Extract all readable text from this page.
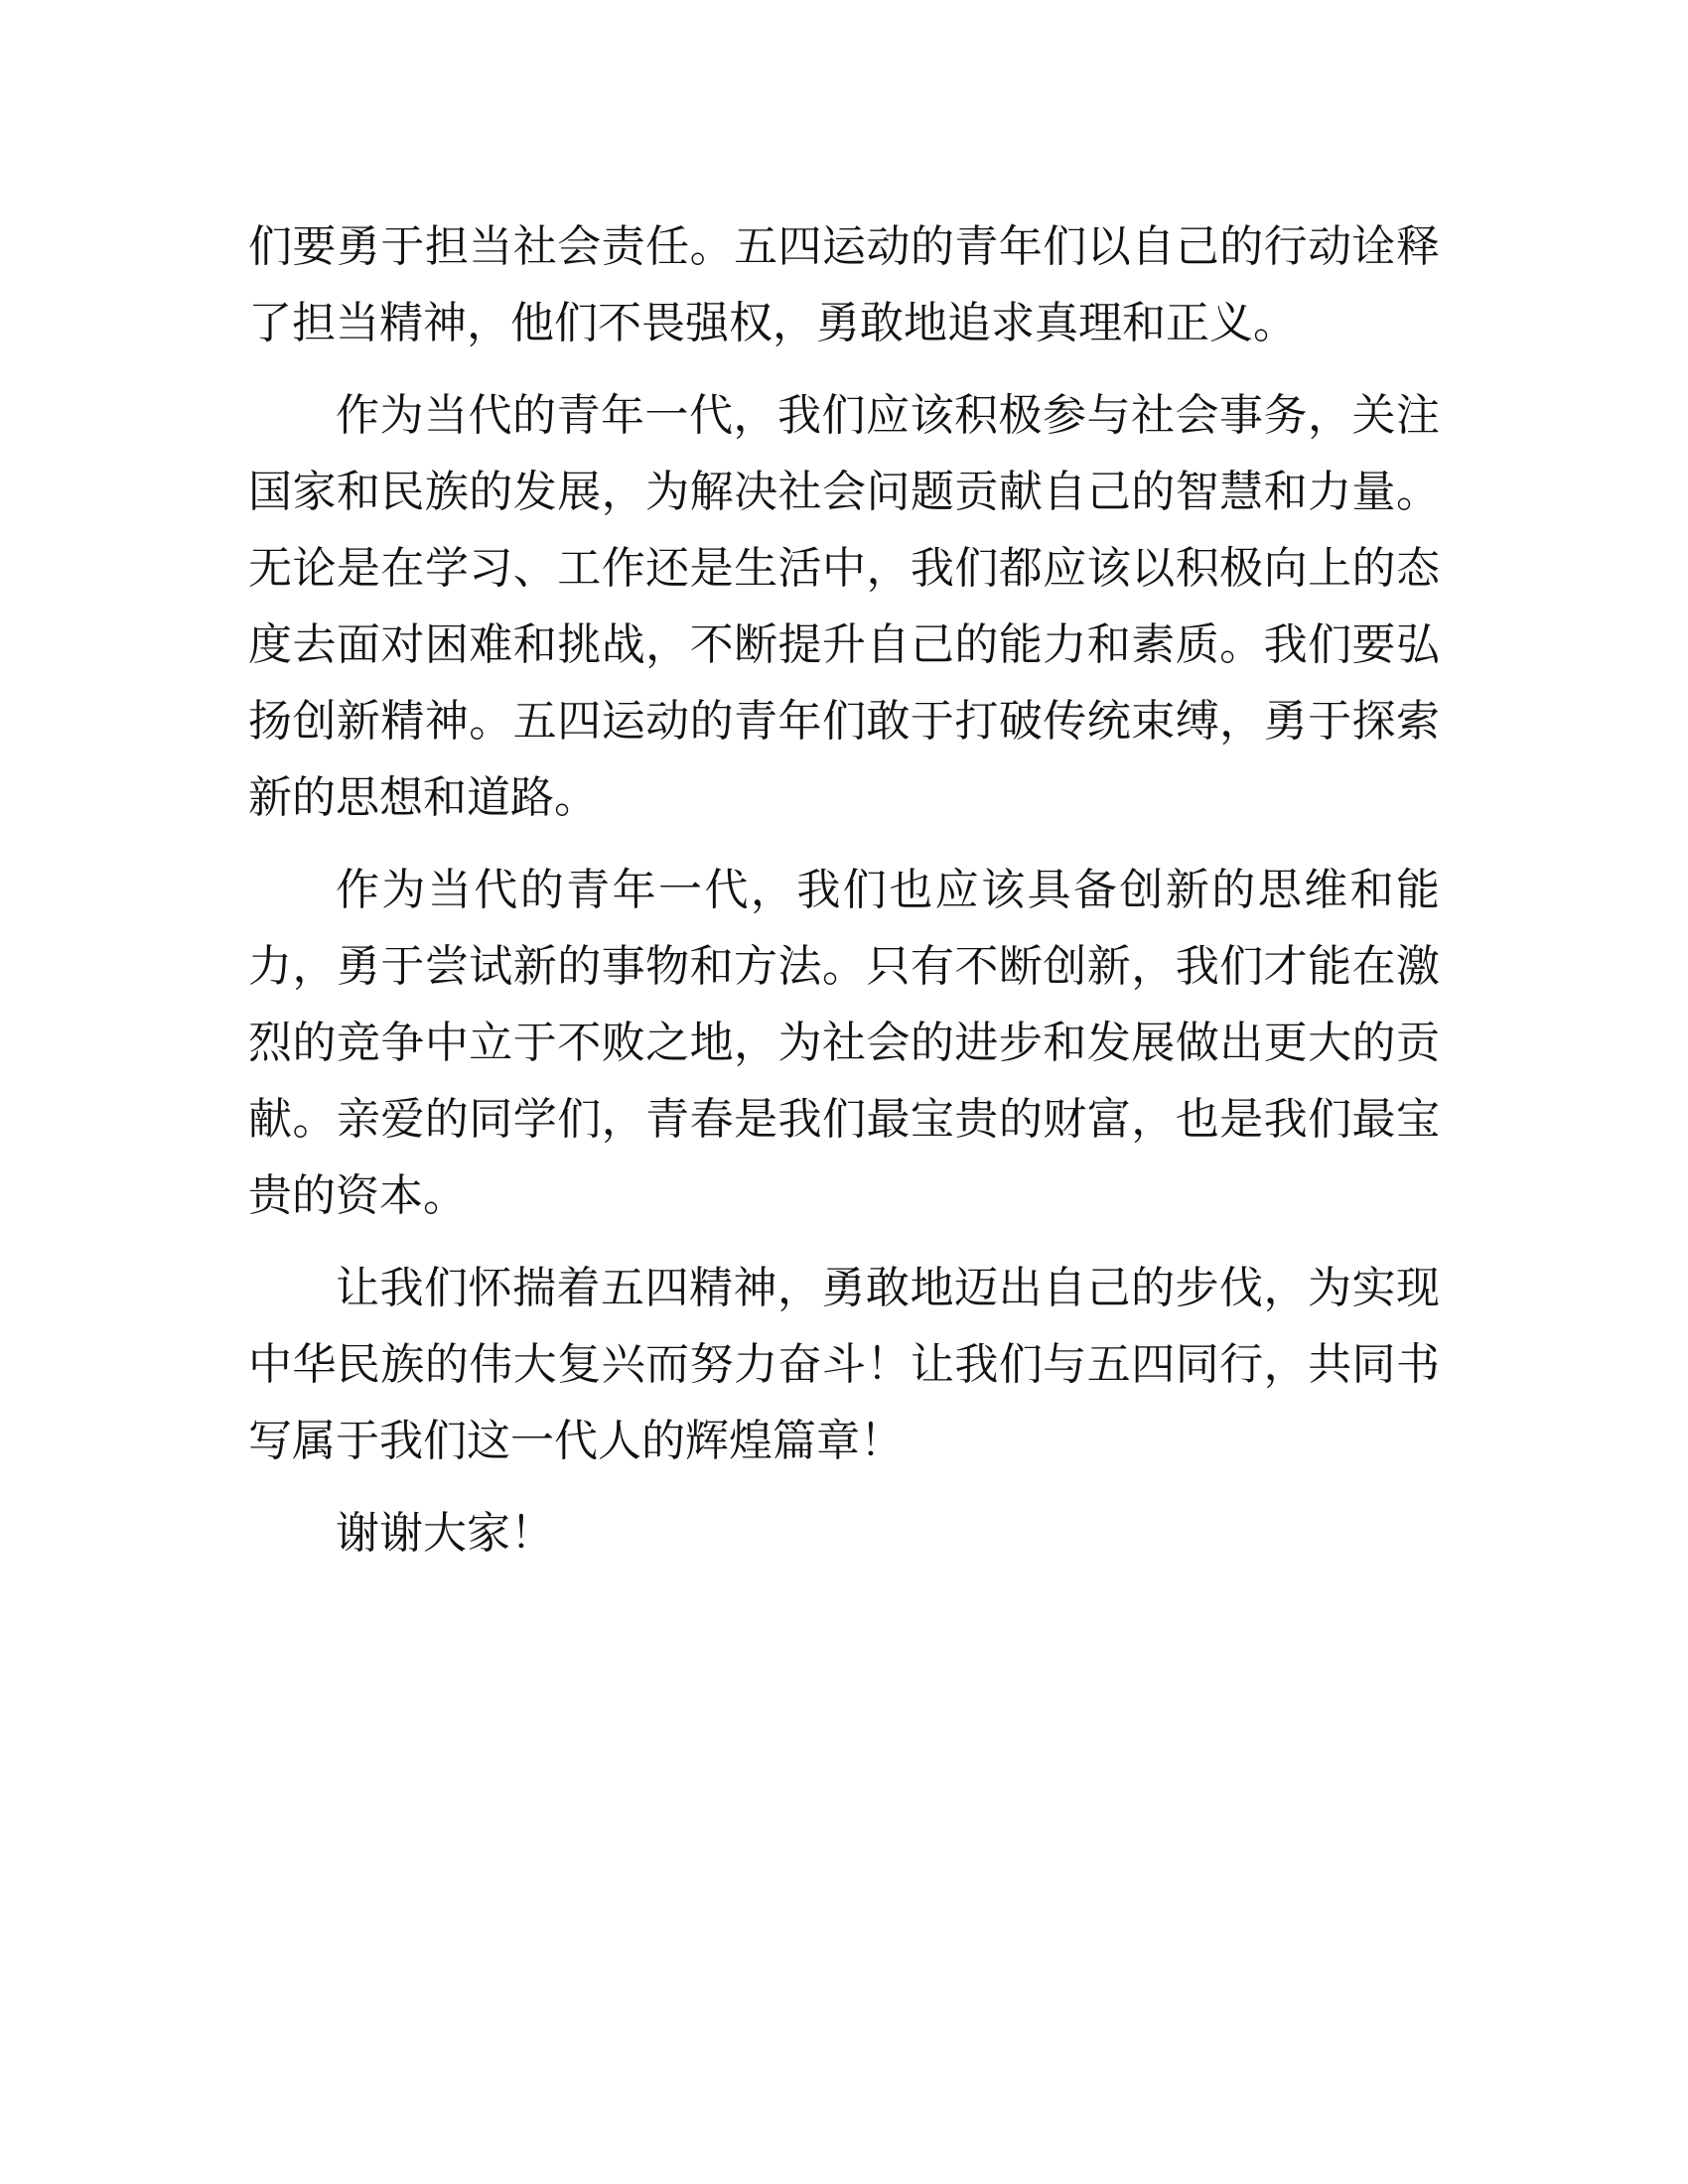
们要勇于担当社会责任。五四运动的青年们以自己的行动诠释了担当精神，他们不畏强权，勇敢地追求真理和正义。

作为当代的青年一代，我们应该积极参与社会事务，关注国家和民族的发展，为解决社会问题贡献自己的智慧和力量。无论是在学习、工作还是生活中，我们都应该以积极向上的态度去面对困难和挑战，不断提升自己的能力和素质。我们要弘扬创新精神。五四运动的青年们敢于打破传统束缚，勇于探索新的思想和道路。

作为当代的青年一代，我们也应该具备创新的思维和能力，勇于尝试新的事物和方法。只有不断创新，我们才能在激烈的竞争中立于不败之地，为社会的进步和发展做出更大的贡献。亲爱的同学们，青春是我们最宝贵的财富，也是我们最宝贵的资本。

让我们怀揣着五四精神，勇敢地迈出自己的步伐，为实现中华民族的伟大复兴而努力奋斗！让我们与五四同行，共同书写属于我们这一代人的辉煌篇章！

谢谢大家！
